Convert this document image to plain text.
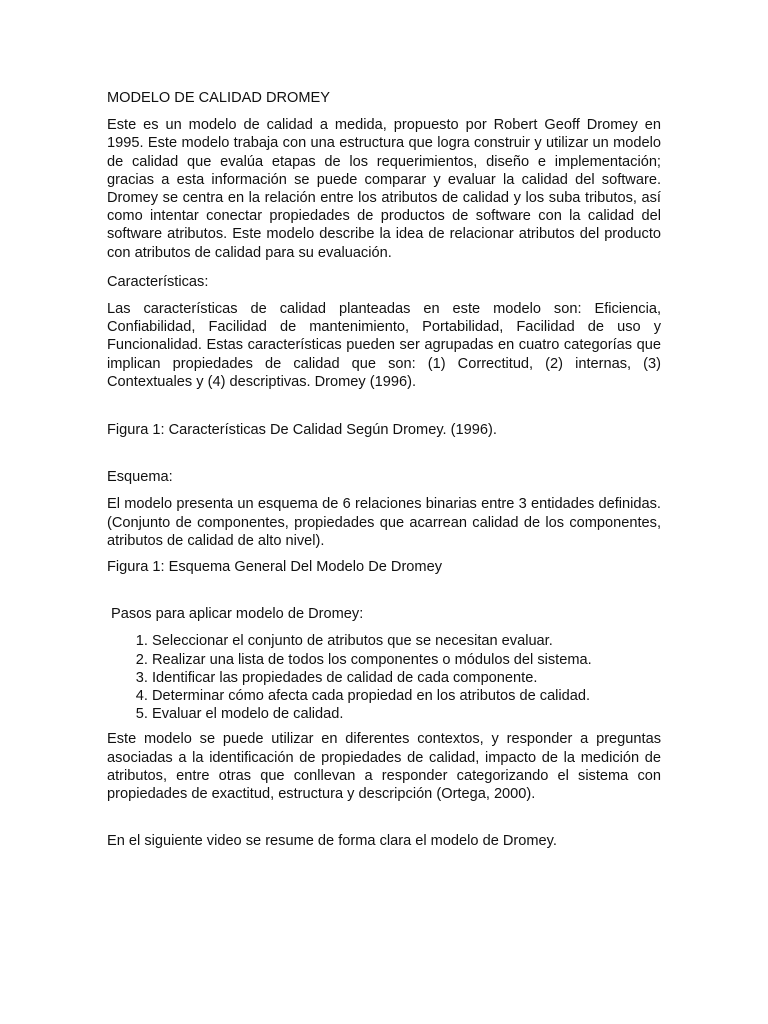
MODELO DE CALIDAD DROMEY

Este es un modelo de calidad a medida, propuesto por Robert Geoff Dromey en 1995. Este modelo trabaja con una estructura que logra construir y utilizar un modelo de calidad que evalúa etapas de los requerimientos, diseño e implementación; gracias a esta información se puede comparar y evaluar la calidad del software. Dromey se centra en la relación entre los atributos de calidad y los suba tributos, así como intentar conectar propiedades de productos de software con la calidad del software atributos. Este modelo describe la idea de relacionar atributos del producto con atributos de calidad para su evaluación.

Características:

Las características de calidad planteadas en este modelo son: Eficiencia, Confiabilidad, Facilidad de mantenimiento, Portabilidad, Facilidad de uso y Funcionalidad. Estas características pueden ser agrupadas en cuatro categorías que implican propiedades de calidad que son: (1) Correctitud, (2) internas, (3) Contextuales y (4) descriptivas. Dromey (1996).

Figura 1: Características De Calidad Según Dromey. (1996).

Esquema:

El modelo presenta un esquema de 6 relaciones binarias entre 3 entidades definidas. (Conjunto de componentes, propiedades que acarrean calidad de los componentes, atributos de calidad de alto nivel).

Figura 1: Esquema General Del Modelo De Dromey

Pasos para aplicar modelo de Dromey:

1. Seleccionar el conjunto de atributos que se necesitan evaluar.
2. Realizar una lista de todos los componentes o módulos del sistema.
3. Identificar las propiedades de calidad de cada componente.
4. Determinar cómo afecta cada propiedad en los atributos de calidad.
5. Evaluar el modelo de calidad.

Este modelo se puede utilizar en diferentes contextos, y responder a preguntas asociadas a la identificación de propiedades de calidad, impacto de la medición de atributos, entre otras que conllevan a responder categorizando el sistema con propiedades de exactitud, estructura y descripción (Ortega, 2000).

En el siguiente video se resume de forma clara el modelo de Dromey.
